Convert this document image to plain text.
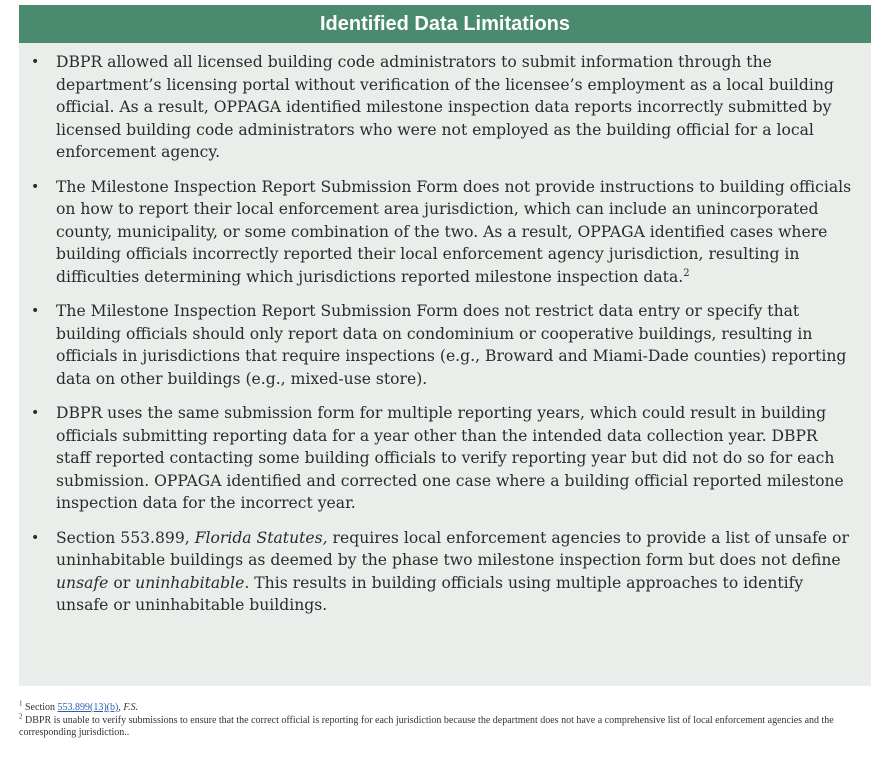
Identified Data Limitations
• DBPR allowed all licensed building code administrators to submit information through the department’s licensing portal without verification of the licensee’s employment as a local building official. As a result, OPPAGA identified milestone inspection data reports incorrectly submitted by licensed building code administrators who were not employed as the building official for a local enforcement agency.
• The Milestone Inspection Report Submission Form does not provide instructions to building officials on how to report their local enforcement area jurisdiction, which can include an unincorporated county, municipality, or some combination of the two. As a result, OPPAGA identified cases where building officials incorrectly reported their local enforcement agency jurisdiction, resulting in difficulties determining which jurisdictions reported milestone inspection data.$^2$
• The Milestone Inspection Report Submission Form does not restrict data entry or specify that building officials should only report data on condominium or cooperative buildings, resulting in officials in jurisdictions that require inspections (e.g., Broward and Miami-Dade counties) reporting data on other buildings (e.g., mixed-use store).
• DBPR uses the same submission form for multiple reporting years, which could result in building officials submitting reporting data for a year other than the intended data collection year. DBPR staff reported contacting some building officials to verify reporting year but did not do so for each submission. OPPAGA identified and corrected one case where a building official reported milestone inspection data for the incorrect year.
• Section 553.899, Florida Statutes, requires local enforcement agencies to provide a list of unsafe or uninhabitable buildings as deemed by the phase two milestone inspection form but does not define unsafe or uninhabitable. This results in building officials using multiple approaches to identify unsafe or uninhabitable buildings.
$^1$ Section 553.899(13)(b), F.S.
$^2$ DBPR is unable to verify submissions to ensure that the correct official is reporting for each jurisdiction because the department does not have a comprehensive list of local enforcement agencies and the corresponding jurisdiction..
